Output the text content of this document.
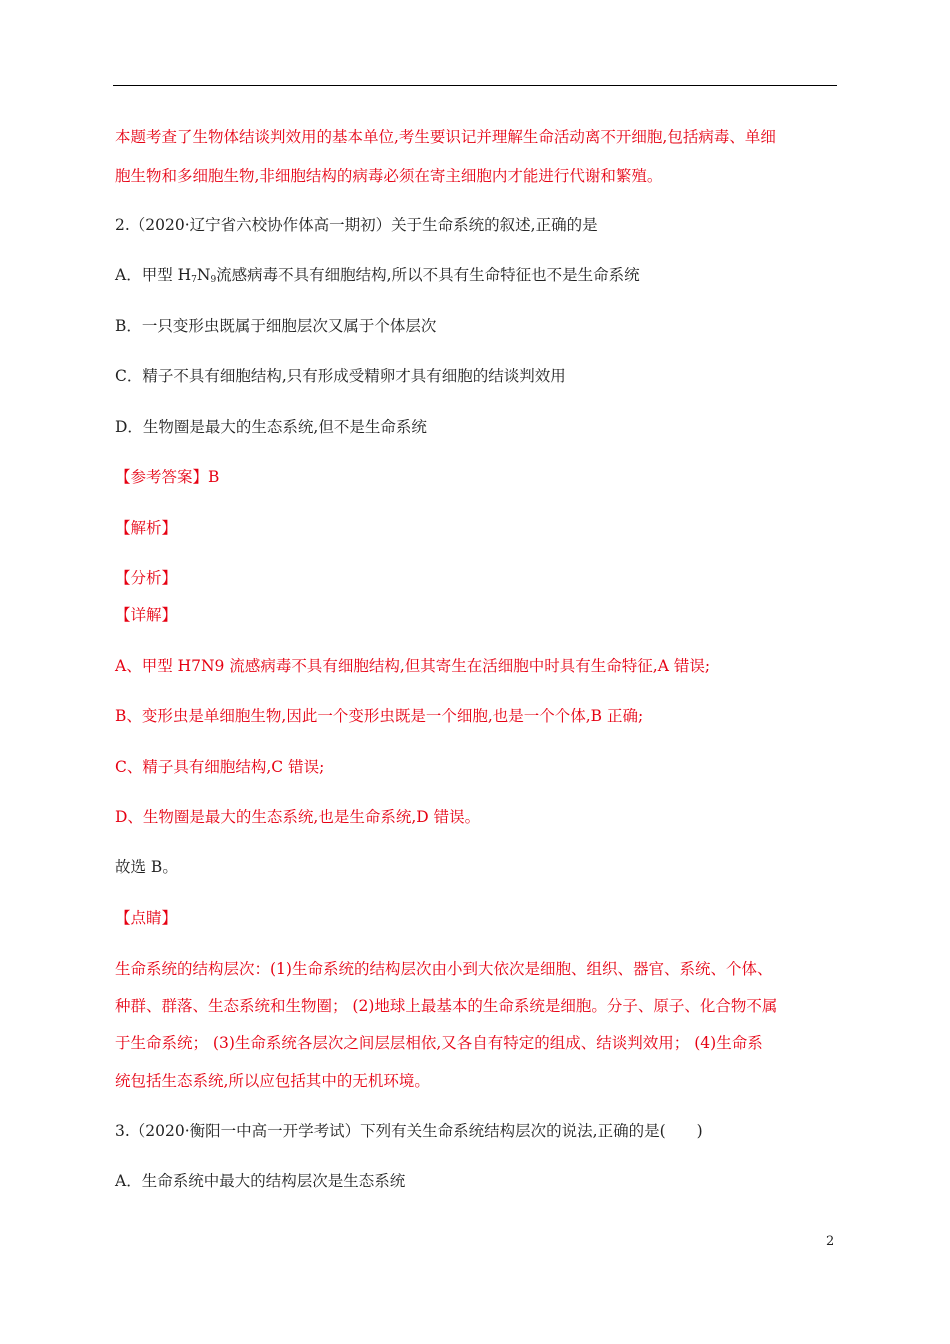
本题考查了生物体结谈判效用的基本单位,考生要识记并理解生命活动离不开细胞,包括病毒、单细
胞生物和多细胞生物,非细胞结构的病毒必须在寄主细胞内才能进行代谢和繁殖。
2.（2020·辽宁省六校协作体高一期初）关于生命系统的叙述,正确的是
A．甲型 $H_7N_9$流感病毒不具有细胞结构,所以不具有生命特征也不是生命系统
B．一只变形虫既属于细胞层次又属于个体层次
C．精子不具有细胞结构,只有形成受精卵才具有细胞的结谈判效用
D．生物圈是最大的生态系统,但不是生命系统
【参考答案】B
【解析】
【分析】
【详解】
A、甲型 H7N9 流感病毒不具有细胞结构,但其寄生在活细胞中时具有生命特征,A 错误;
B、变形虫是单细胞生物,因此一个变形虫既是一个细胞,也是一个个体,B 正确;
C、精子具有细胞结构,C 错误;
D、生物圈是最大的生态系统,也是生命系统,D 错误。
故选 B。
【点睛】
生命系统的结构层次：(1)生命系统的结构层次由小到大依次是细胞、组织、器官、系统、个体、
种群、群落、生态系统和生物圈； (2)地球上最基本的生命系统是细胞。分子、原子、化合物不属
于生命系统； (3)生命系统各层次之间层层相依,又各自有特定的组成、结谈判效用； (4)生命系
统包括生态系统,所以应包括其中的无机环境。
3.（2020·衡阳一中高一开学考试）下列有关生命系统结构层次的说法,正确的是(　　)
A．生命系统中最大的结构层次是生态系统
2
